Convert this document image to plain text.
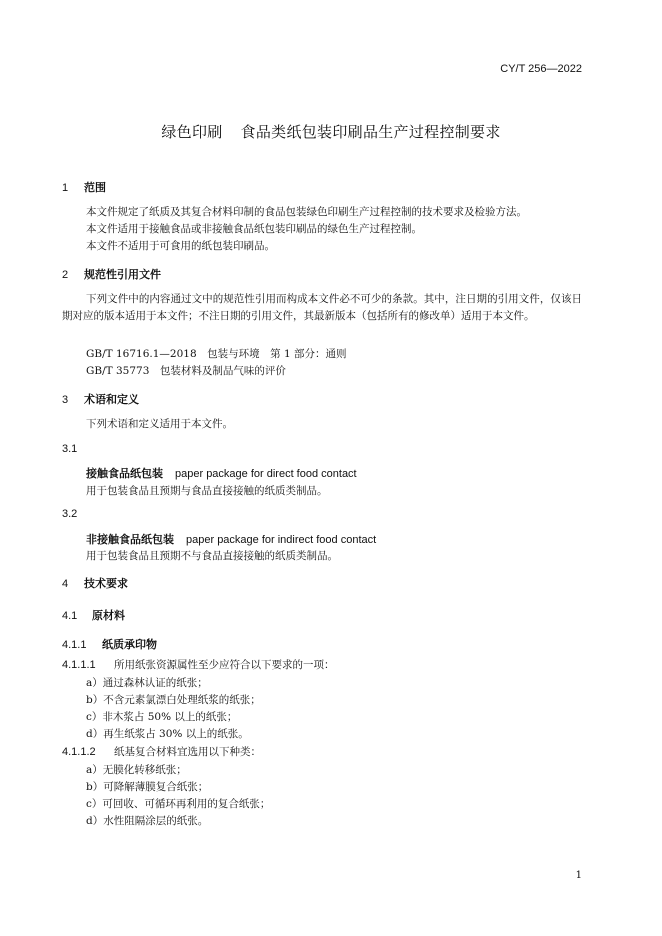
CY/T 256—2022
绿色印刷 食品类纸包装印刷品生产过程控制要求
1 范围
本文件规定了纸质及其复合材料印制的食品包装绿色印刷生产过程控制的技术要求及检验方法。
本文件适用于接触食品或非接触食品纸包装印刷品的绿色生产过程控制。
本文件不适用于可食用的纸包装印刷品。
2 规范性引用文件
下列文件中的内容通过文中的规范性引用而构成本文件必不可少的条款。其中，注日期的引用文件，仅该日期对应的版本适用于本文件；不注日期的引用文件，其最新版本（包括所有的修改单）适用于本文件。
GB/T 16716.1—2018　包装与环境　第 1 部分：通则
GB/T 35773　包装材料及制品气味的评价
3 术语和定义
下列术语和定义适用于本文件。
3.1
接触食品纸包装 paper package for direct food contact
用于包装食品且预期与食品直接接触的纸质类制品。
3.2
非接触食品纸包装 paper package for indirect food contact
用于包装食品且预期不与食品直接接触的纸质类制品。
4 技术要求
4.1 原材料
4.1.1 纸质承印物
4.1.1.1 所用纸张资源属性至少应符合以下要求的一项：
a）通过森林认证的纸张；
b）不含元素氯漂白处理纸浆的纸张；
c）非木浆占 50% 以上的纸张；
d）再生纸浆占 30% 以上的纸张。
4.1.1.2 纸基复合材料宜选用以下种类：
a）无膜化转移纸张；
b）可降解薄膜复合纸张；
c）可回收、可循环再利用的复合纸张；
d）水性阻隔涂层的纸张。
1
